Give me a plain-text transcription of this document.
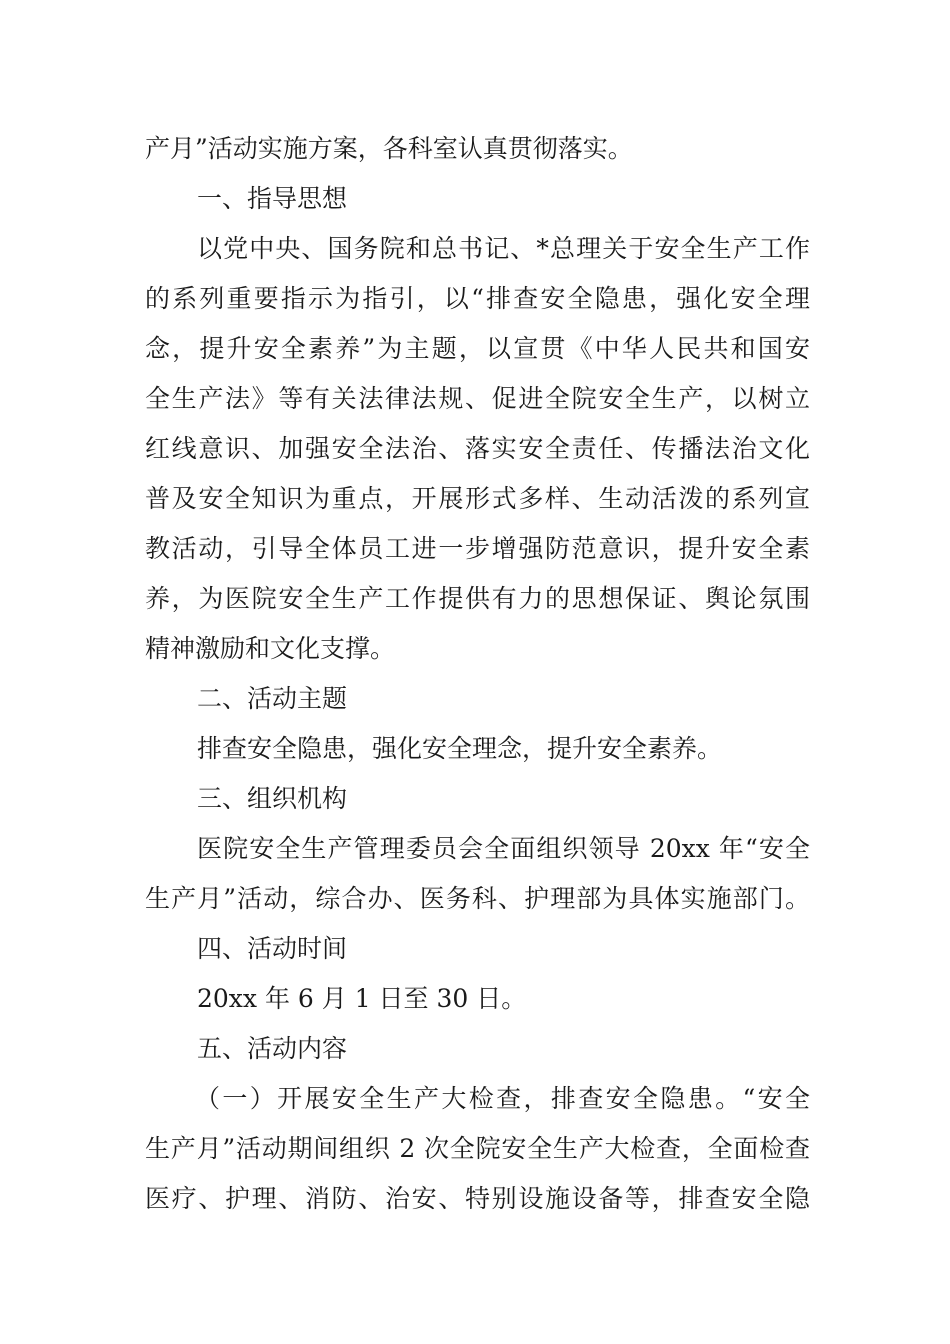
产月”活动实施方案，各科室认真贯彻落实。
一、指导思想
以党中央、国务院和总书记、*总理关于安全生产工作
的系列重要指示为指引，以“排查安全隐患，强化安全理
念，提升安全素养”为主题，以宣贯《中华人民共和国安
全生产法》等有关法律法规、促进全院安全生产，以树立
红线意识、加强安全法治、落实安全责任、传播法治文化
普及安全知识为重点，开展形式多样、生动活泼的系列宣
教活动，引导全体员工进一步增强防范意识，提升安全素
养，为医院安全生产工作提供有力的思想保证、舆论氛围
精神激励和文化支撑。
二、活动主题
排查安全隐患，强化安全理念，提升安全素养。
三、组织机构
医院安全生产管理委员会全面组织领导 20xx 年“安全
生产月”活动，综合办、医务科、护理部为具体实施部门。
四、活动时间
20xx 年 6 月 1 日至 30 日。
五、活动内容
（一）开展安全生产大检查，排查安全隐患。“安全
生产月”活动期间组织 2 次全院安全生产大检查，全面检查
医疗、护理、消防、治安、特别设施设备等，排查安全隐
